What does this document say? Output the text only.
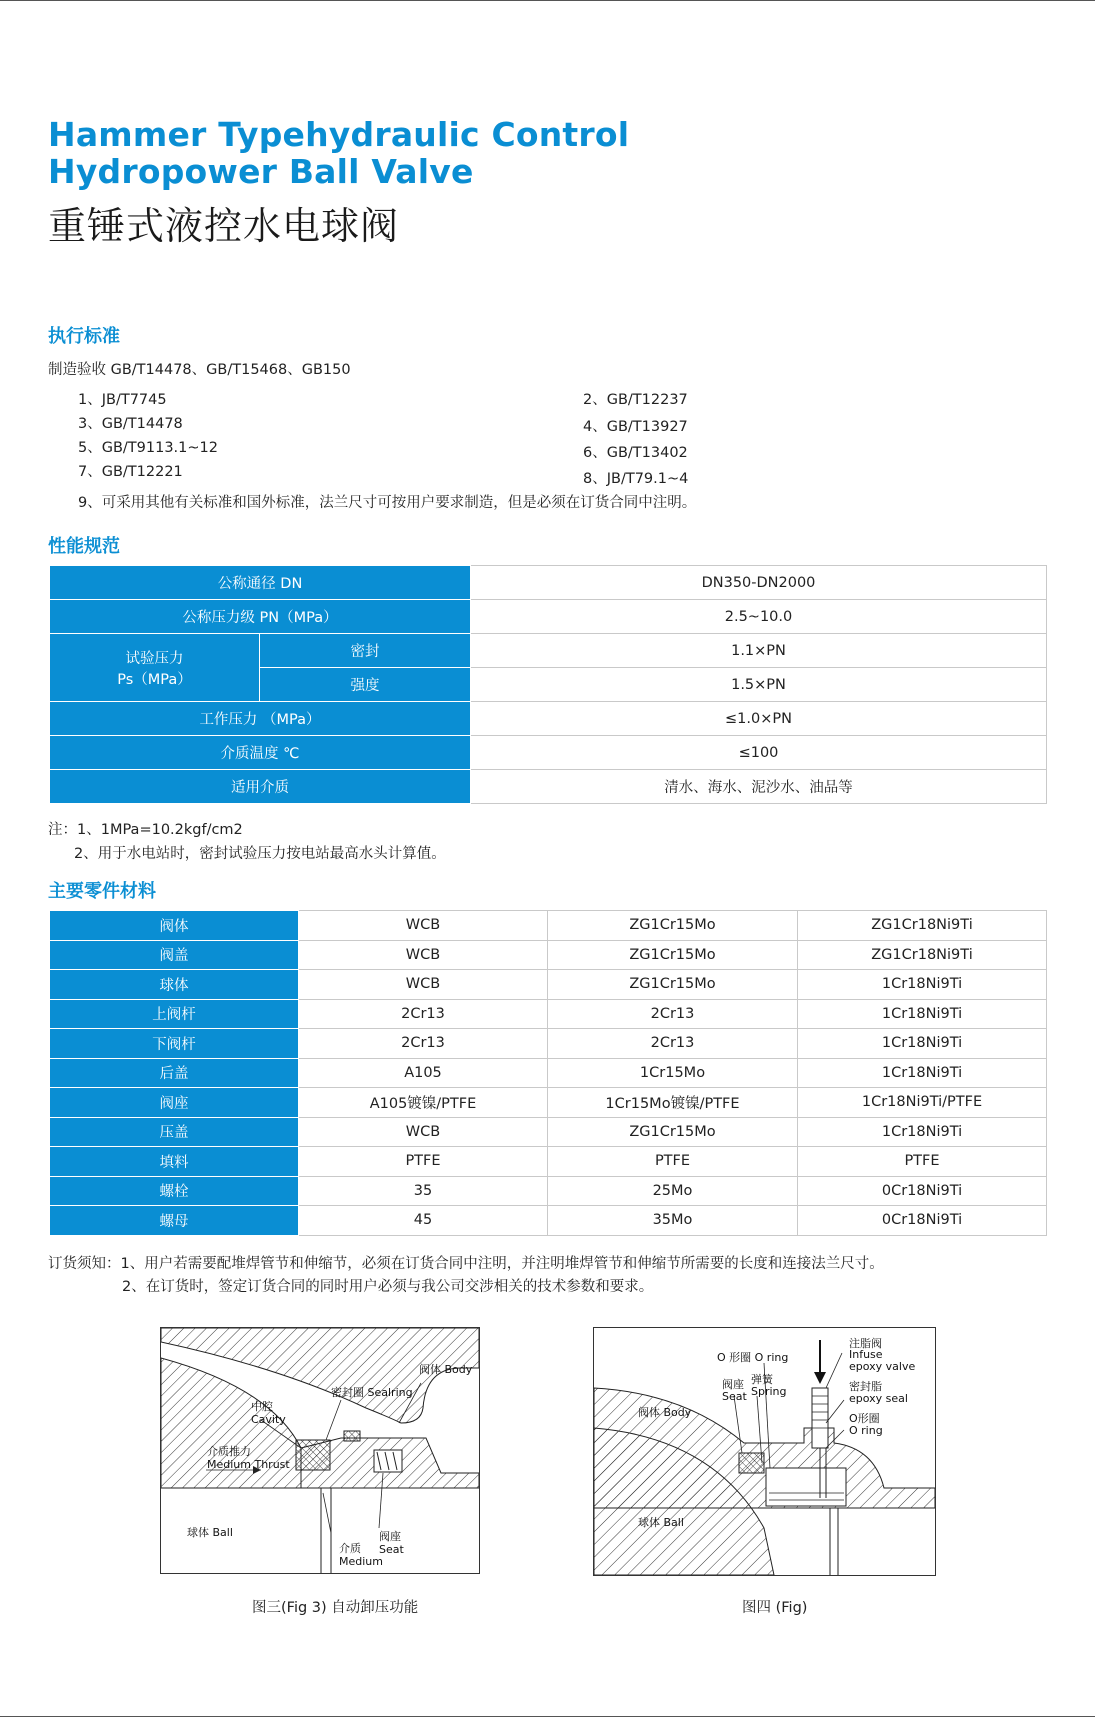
Hammer Typehydraulic Control
Hydropower Ball Valve
重锤式液控水电球阀
执行标准
制造验收 GB/T14478、GB/T15468、GB150
1、JB/T7745	2、GB/T12237
3、GB/T14478	4、GB/T13927
5、GB/T9113.1~12	6、GB/T13402
7、GB/T12221	8、JB/T79.1~4
9、可采用其他有关标准和国外标准，法兰尺寸可按用户要求制造，但是必须在订货合同中注明。
性能规范
公称通径 DN		DN350-DN2000
公称压力级 PN（MPa）		2.5~10.0

试验压力
Ps（MPa）	密封	1.1×PN
	强度	1.5×PN
工作压力 （MPa）		≤1.0×PN
介质温度 ℃		≤100
适用介质		清水、海水、泥沙水、油品等
注：1、1MPa=10.2kgf/cm2
2、用于水电站时，密封试验压力按电站最高水头计算值。
主要零件材料
阀体	WCB	ZG1Cr15Mo	ZG1Cr18Ni9Ti
阀盖	WCB	ZG1Cr15Mo	ZG1Cr18Ni9Ti
球体	WCB	ZG1Cr15Mo	1Cr18Ni9Ti
上阀杆	2Cr13	2Cr13	1Cr18Ni9Ti
下阀杆	2Cr13	2Cr13	1Cr18Ni9Ti
后盖	A105	1Cr15Mo	1Cr18Ni9Ti
阀座	A105镀镍/PTFE	1Cr15Mo镀镍/PTFE	1Cr18Ni9Ti/PTFE
压盖	WCB	ZG1Cr15Mo	1Cr18Ni9Ti
填料	PTFE	PTFE	PTFE
螺栓	35	25Mo	0Cr18Ni9Ti
螺母	45	35Mo	0Cr18Ni9Ti
订货须知：1、用户若需要配堆焊管节和伸缩节，必须在订货合同中注明，并注明堆焊管节和伸缩节所需要的长度和连接法兰尺寸。
2、在订货时，签定订货合同的同时用户必须与我公司交涉相关的技术参数和要求。
阀体 Body
密封圈 Sealring
中腔
Cavity
介质推力
Medium Thrust
球体 Ball
介质
Medium
阀座
Seat
图三(Fig 3) 自动卸压功能
O 形圈 O ring
注脂阀
Infuse
epoxy valve
弹簧
Spring
阀座
Seat
密封脂
epoxy seal
O形圈
O ring
阀体 Body
球体 Ball
图四 (Fig)
